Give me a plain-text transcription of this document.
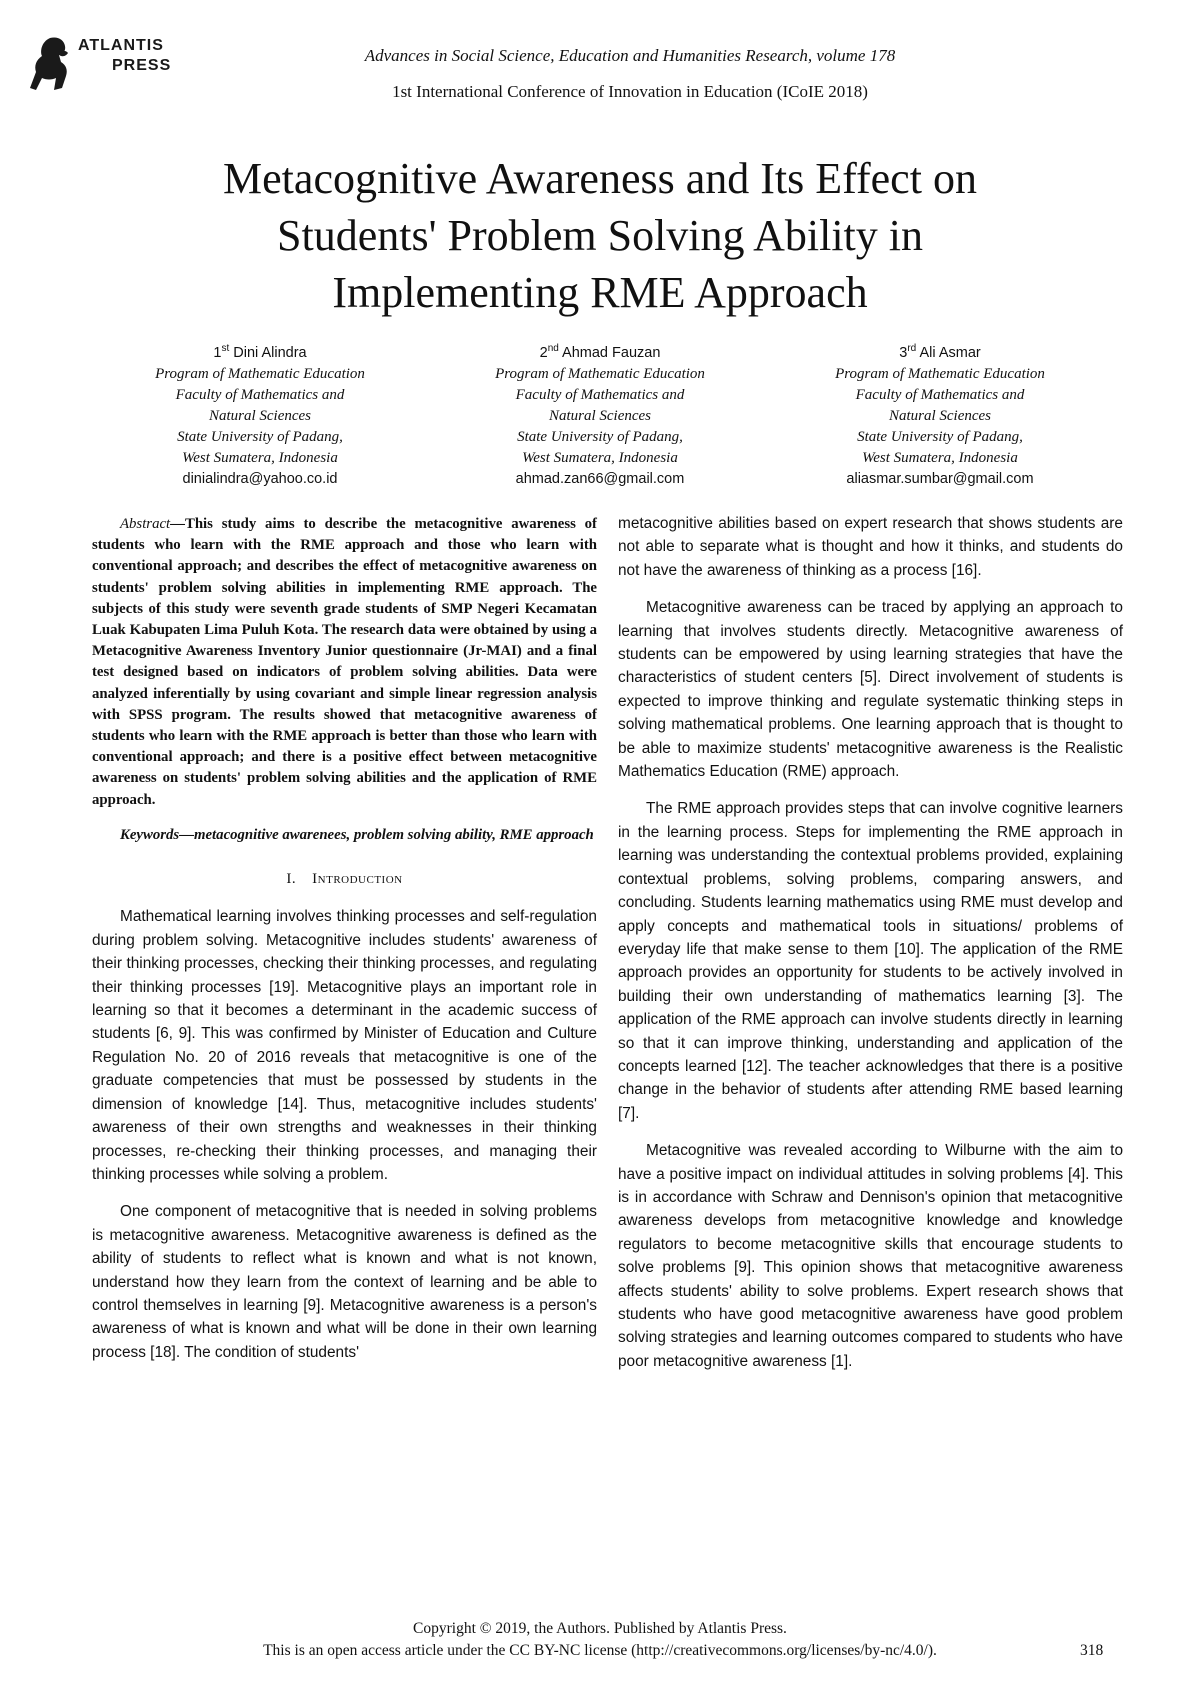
ATLANTIS
PRESS
Advances in Social Science, Education and Humanities Research, volume 178
1st International Conference of Innovation in Education (ICoIE 2018)
Metacognitive Awareness and Its Effect on
Students' Problem Solving Ability in
Implementing RME Approach
1st Dini Alindra
Program of Mathematic Education
Faculty of Mathematics and
Natural Sciences
State University of Padang,
West Sumatera, Indonesia
dinialindra@yahoo.co.id
2nd Ahmad Fauzan
Program of Mathematic Education
Faculty of Mathematics and
Natural Sciences
State University of Padang,
West Sumatera, Indonesia
ahmad.zan66@gmail.com
3rd Ali Asmar
Program of Mathematic Education
Faculty of Mathematics and
Natural Sciences
State University of Padang,
West Sumatera, Indonesia
aliasmar.sumbar@gmail.com

Abstract—This study aims to describe the metacognitive awareness of students who learn with the RME approach and those who learn with conventional approach; and describes the effect of metacognitive awareness on students' problem solving abilities in implementing RME approach. The subjects of this study were seventh grade students of SMP Negeri Kecamatan Luak Kabupaten Lima Puluh Kota. The research data were obtained by using a Metacognitive Awareness Inventory Junior questionnaire (Jr-MAI) and a final test designed based on indicators of problem solving abilities. Data were analyzed inferentially by using covariant and simple linear regression analysis with SPSS program. The results showed that metacognitive awareness of students who learn with the RME approach is better than those who learn with conventional approach; and there is a positive effect between metacognitive awareness on students' problem solving abilities and the application of RME approach.

Keywords—metacognitive awarenees, problem solving ability, RME approach

I. Introduction

Mathematical learning involves thinking processes and self-regulation during problem solving. Metacognitive includes students' awareness of their thinking processes, checking their thinking processes, and regulating their thinking processes [19]. Metacognitive plays an important role in learning so that it becomes a determinant in the academic success of students [6, 9]. This was confirmed by Minister of Education and Culture Regulation No. 20 of 2016 reveals that metacognitive is one of the graduate competencies that must be possessed by students in the dimension of knowledge [14]. Thus, metacognitive includes students' awareness of their own strengths and weaknesses in their thinking processes, re-checking their thinking processes, and managing their thinking processes while solving a problem.

One component of metacognitive that is needed in solving problems is metacognitive awareness. Metacognitive awareness is defined as the ability of students to reflect what is known and what is not known, understand how they learn from the context of learning and be able to control themselves in learning [9]. Metacognitive awareness is a person's awareness of what is known and what will be done in their own learning process [18]. The condition of students'

metacognitive abilities based on expert research that shows students are not able to separate what is thought and how it thinks, and students do not have the awareness of thinking as a process [16].

Metacognitive awareness can be traced by applying an approach to learning that involves students directly. Metacognitive awareness of students can be empowered by using learning strategies that have the characteristics of student centers [5]. Direct involvement of students is expected to improve thinking and regulate systematic thinking steps in solving mathematical problems. One learning approach that is thought to be able to maximize students' metacognitive awareness is the Realistic Mathematics Education (RME) approach.

The RME approach provides steps that can involve cognitive learners in the learning process. Steps for implementing the RME approach in learning was understanding the contextual problems provided, explaining contextual problems, solving problems, comparing answers, and concluding. Students learning mathematics using RME must develop and apply concepts and mathematical tools in situations/ problems of everyday life that make sense to them [10]. The application of the RME approach provides an opportunity for students to be actively involved in building their own understanding of mathematics learning [3]. The application of the RME approach can involve students directly in learning so that it can improve thinking, understanding and application of the concepts learned [12]. The teacher acknowledges that there is a positive change in the behavior of students after attending RME based learning [7].

Metacognitive was revealed according to Wilburne with the aim to have a positive impact on individual attitudes in solving problems [4]. This is in accordance with Schraw and Dennison's opinion that metacognitive awareness develops from metacognitive knowledge and knowledge regulators to become metacognitive skills that encourage students to solve problems [9]. This opinion shows that metacognitive awareness affects students' ability to solve problems. Expert research shows that students who have good metacognitive awareness have good problem solving strategies and learning outcomes compared to students who have poor metacognitive awareness [1].

Copyright © 2019, the Authors. Published by Atlantis Press.
This is an open access article under the CC BY-NC license (http://creativecommons.org/licenses/by-nc/4.0/).	318
